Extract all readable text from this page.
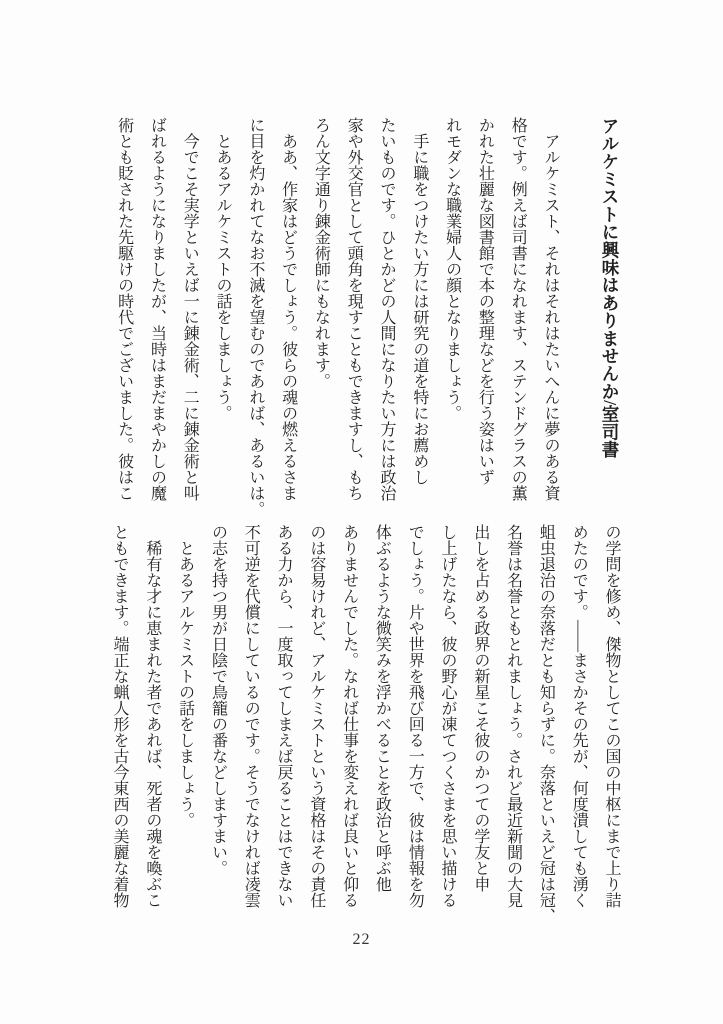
アルケミストに興味はありませんか/室司書
　アルケミスト、それはそれはたいへんに夢のある資
格です。例えば司書になれます、ステンドグラスの薫
かれた壮麗な図書館で本の整理などを行う姿はいず
れモダンな職業婦人の顔となりましょう。
　手に職をつけたい方には研究の道を特にお薦めし
たいものです。ひとかどの人間になりたい方には政治
家や外交官として頭角を現すこともできますし、もち
ろん文字通り錬金術師にもなれます。
　ああ、作家はどうでしょう。彼らの魂の燃えるさま
に目を灼かれてなお不滅を望むのであれば、あるいは。
　とあるアルケミストの話をしましょう。
　今でこそ実学といえば一に錬金術、二に錬金術と叫
ばれるようになりましたが、当時はまだまやかしの魔
術とも貶された先駆けの時代でございました。彼はこ
の学問を修め、傑物としてこの国の中枢にまで上り詰
めたのです。――まさかその先が、何度潰しても湧く
蛆虫退治の奈落だとも知らずに。奈落といえど冠は冠、
名誉は名誉ともとれましょう。されど最近新聞の大見
出しを占める政界の新星こそ彼のかつての学友と申
し上げたなら、彼の野心が凍てつくさまを思い描ける
でしょう。片や世界を飛び回る一方で、彼は情報を勿
体ぶるような微笑みを浮かべることを政治と呼ぶ他
ありませんでした。なれば仕事を変えれば良いと仰る
のは容易けれど、アルケミストという資格はその責任
ある力から、一度取ってしまえば戻ることはできない
不可逆を代償にしているのです。そうでなければ凌雲
の志を持つ男が日陰で鳥籠の番などしますまい。
　とあるアルケミストの話をしましょう。
　稀有な才に恵まれた者であれば、死者の魂を喚ぶこ
ともできます。端正な蝋人形を古今東西の美麗な着物
22
